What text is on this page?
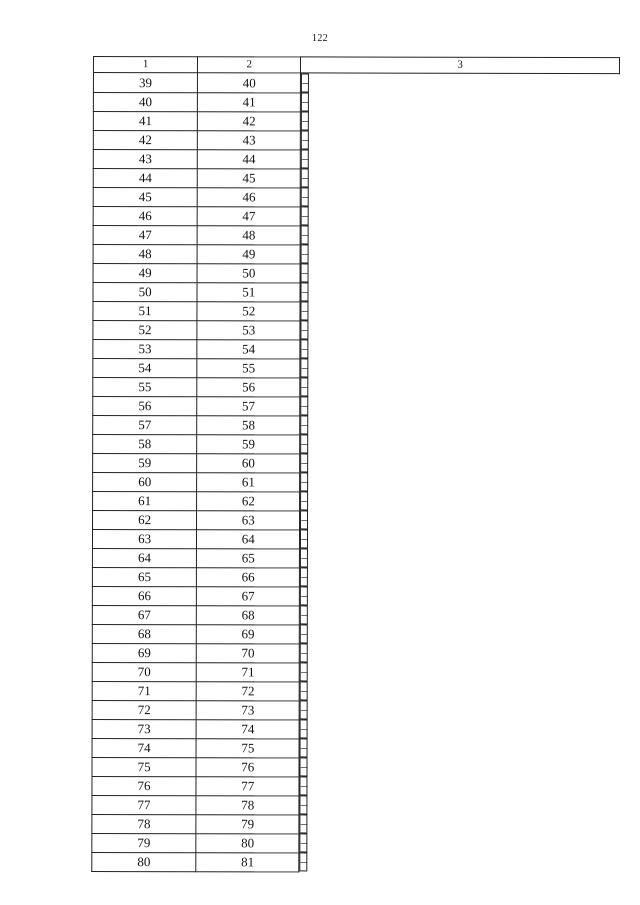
122
1	2	3
39	40		–
40	41		–
41	42		–
42	43		–
43	44		–
44	45		–
45	46		–
46	47		–
47	48		–
48	49		–
49	50		–
50	51		–
51	52		–
52	53		–
53	54		–
54	55		–
55	56		–
56	57		–
57	58		–
58	59		–
59	60		–
60	61		–
61	62		–
62	63		–
63	64		–
64	65		–
65	66		–
66	67		–
67	68		–
68	69		–
69	70		–
70	71		–
71	72		–
72	73		–
73	74		–
74	75		–
75	76		–
76	77		–
77	78		–
78	79		–
79	80		–
80	81		–
